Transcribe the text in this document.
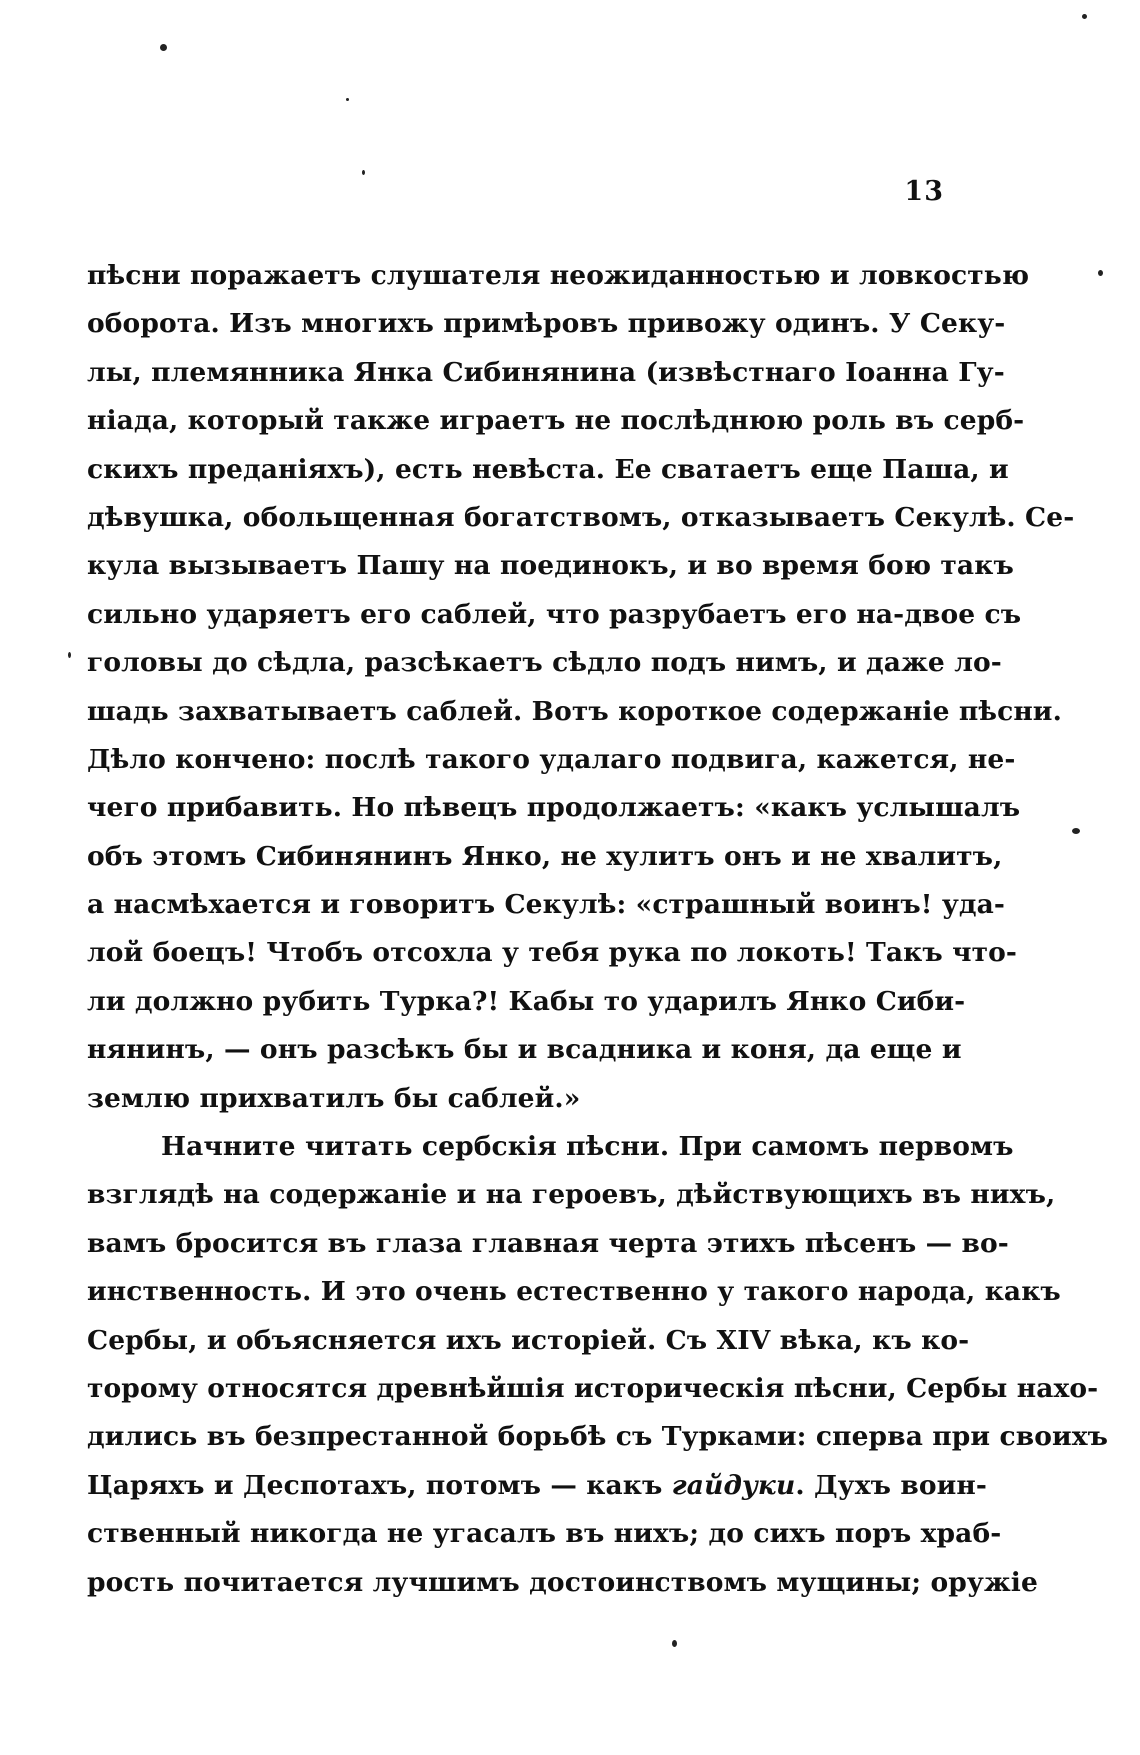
13
пѣсни поражаетъ слушателя неожиданностью и ловкостью
оборота. Изъ многихъ примѣровъ привожу одинъ. У Секу-
лы, племянника Янка Сибинянина (извѣстнаго Іоанна Гу-
ніада, который также играетъ не послѣднюю роль въ серб-
скихъ преданіяхъ), есть невѣста. Ее сватаетъ еще Паша, и
дѣвушка, обольщенная богатствомъ, отказываетъ Секулѣ. Се-
кула вызываетъ Пашу на поединокъ, и во время бою такъ
сильно ударяетъ его саблей, что разрубаетъ его на-двое съ
головы до сѣдла, разсѣкаетъ сѣдло подъ нимъ, и даже ло-
шадь захватываетъ саблей. Вотъ короткое содержаніе пѣсни.
Дѣло кончено: послѣ такого удалаго подвига, кажется, не-
чего прибавить. Но пѣвецъ продолжаетъ: «какъ услышалъ
объ этомъ Сибинянинъ Янко, не хулитъ онъ и не хвалитъ,
а насмѣхается и говоритъ Секулѣ: «страшный воинъ! уда-
лой боецъ! Чтобъ отсохла у тебя рука по локоть! Такъ что-
ли должно рубить Турка?! Кабы то ударилъ Янко Сиби-
нянинъ, — онъ разсѣкъ бы и всадника и коня, да еще и
землю прихватилъ бы саблей.»
Начните читать сербскія пѣсни. При самомъ первомъ
взглядѣ на содержаніе и на героевъ, дѣйствующихъ въ нихъ,
вамъ бросится въ глаза главная черта этихъ пѣсенъ — во-
инственность. И это очень естественно у такого народа, какъ
Сербы, и объясняется ихъ исторіей. Съ XIV вѣка, къ ко-
торому относятся древнѣйшія историческія пѣсни, Сербы нахо-
дились въ безпрестанной борьбѣ съ Турками: сперва при своихъ
Царяхъ и Деспотахъ, потомъ — какъ гайдуки. Духъ воин-
ственный никогда не угасалъ въ нихъ; до сихъ поръ храб-
рость почитается лучшимъ достоинствомъ мущины; оружіе
